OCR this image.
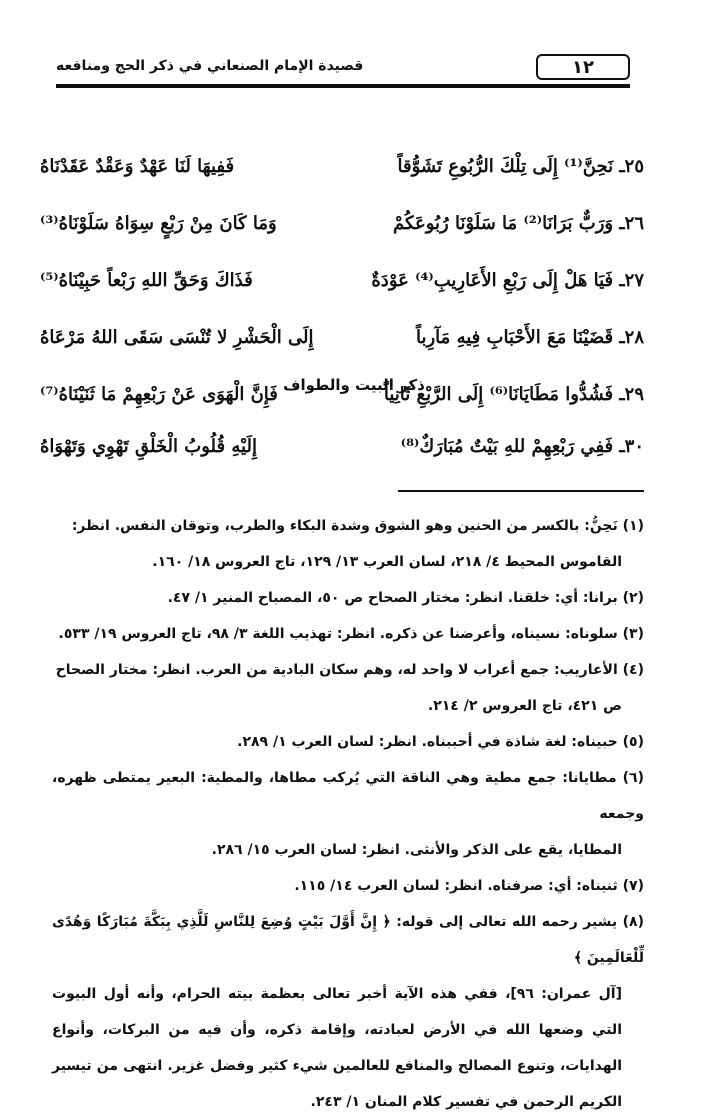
١٢
قصيدة الإمام الصنعاني في ذكر الحج ومنافعه
٢٥ـ نَحِنَّ⁽¹⁾ إِلَى تِلْكَ الرُّبُوعِ تَشَوُّقاً
فَفِيهَا لَنَا عَهْدٌ وَعَقْدٌ عَقَدْنَاهُ
٢٦ـ وَرَبٌّ بَرَانَا⁽²⁾ مَا سَلَوْنَا رُبُوعَكُمْ
وَمَا كَانَ مِنْ رَبْعٍ سِوَاهُ سَلَوْنَاهُ⁽³⁾
٢٧ـ فَيَا هَلْ إِلَى رَبْعِ الأَعَارِيبِ⁽⁴⁾ عَوْدَةٌ
فَذَاكَ وَحَقِّ اللهِ رَبْعاً حَبِيْنَاهُ⁽⁵⁾
٢٨ـ قَضَيْنَا مَعَ الأَحْبَابِ فِيهِ مَآرِباً
إِلَى الْحَشْرِ لا تُنْسَى سَقَى اللهُ مَرْعَاهُ
٢٩ـ فَشُدُّوا مَطَايَانَا⁽⁶⁾ إِلَى الرَّبْعِ ثَانِياً
فَإِنَّ الْهَوَى عَنْ رَبْعِهِمْ مَا ثَنَيْنَاهُ⁽⁷⁾ ذكر البيت والطواف
٣٠ـ فَفِي رَبْعِهِمْ للهِ بَيْتٌ مُبَارَكٌ⁽⁸⁾
إِلَيْهِ قُلُوبُ الْخَلْقِ تَهْوِي وَتَهْوَاهُ

(١) نَحِنُّ: بالكسر من الحنين وهو الشوق وشدة البكاء والطرب، وتوقان النفس. انظر:
القاموس المحيط ٤/ ٢١٨، لسان العرب ١٣/ ١٢٩، تاج العروس ١٨/ ١٦٠.

(٢) برانا: أي: خلقنا. انظر: مختار الصحاح ص ٥٠، المصباح المنير ١/ ٤٧.

(٣) سلوناه: نسيناه، وأعرضنا عن ذكره. انظر: تهذيب اللغة ٣/ ٩٨، تاج العروس ١٩/ ٥٣٣.

(٤) الأعاريب: جمع أعراب لا واحد له، وهم سكان البادية من العرب. انظر: مختار الصحاح
ص ٤٢١، تاج العروس ٢/ ٢١٤.

(٥) حبيناه: لغة شاذة في أحببناه. انظر: لسان العرب ١/ ٢٨٩.

(٦) مطايانا: جمع مطية وهي الناقة التي يُركب مطاها، والمطية: البعير يمتطى ظهره، وجمعه
المطايا، يقع على الذكر والأنثى. انظر: لسان العرب ١٥/ ٢٨٦.

(٧) ثنيناه: أي: صرفناه. انظر: لسان العرب ١٤/ ١١٥.

(٨) يشير رحمه الله تعالى إلى قوله: ﴿ إِنَّ أَوَّلَ بَيْتٍ وُضِعَ لِلنَّاسِ لَلَّذِي بِبَكَّةَ مُبَارَكًا وَهُدًى لِّلْعَالَمِينَ ﴾
[آل عمران: ٩٦]، ففي هذه الآية أخبر تعالى بعظمة بيته الحرام، وأنه أول البيوت التي وضعها الله في الأرض لعبادته، وإقامة ذكره، وأن فيه من البركات، وأنواع الهدايات، وتنوع المصالح والمنافع للعالمين شيء كثير وفضل غزير. انتهى من تيسير الكريم الرحمن في تفسير كلام المنان ١/ ٢٤٣.
